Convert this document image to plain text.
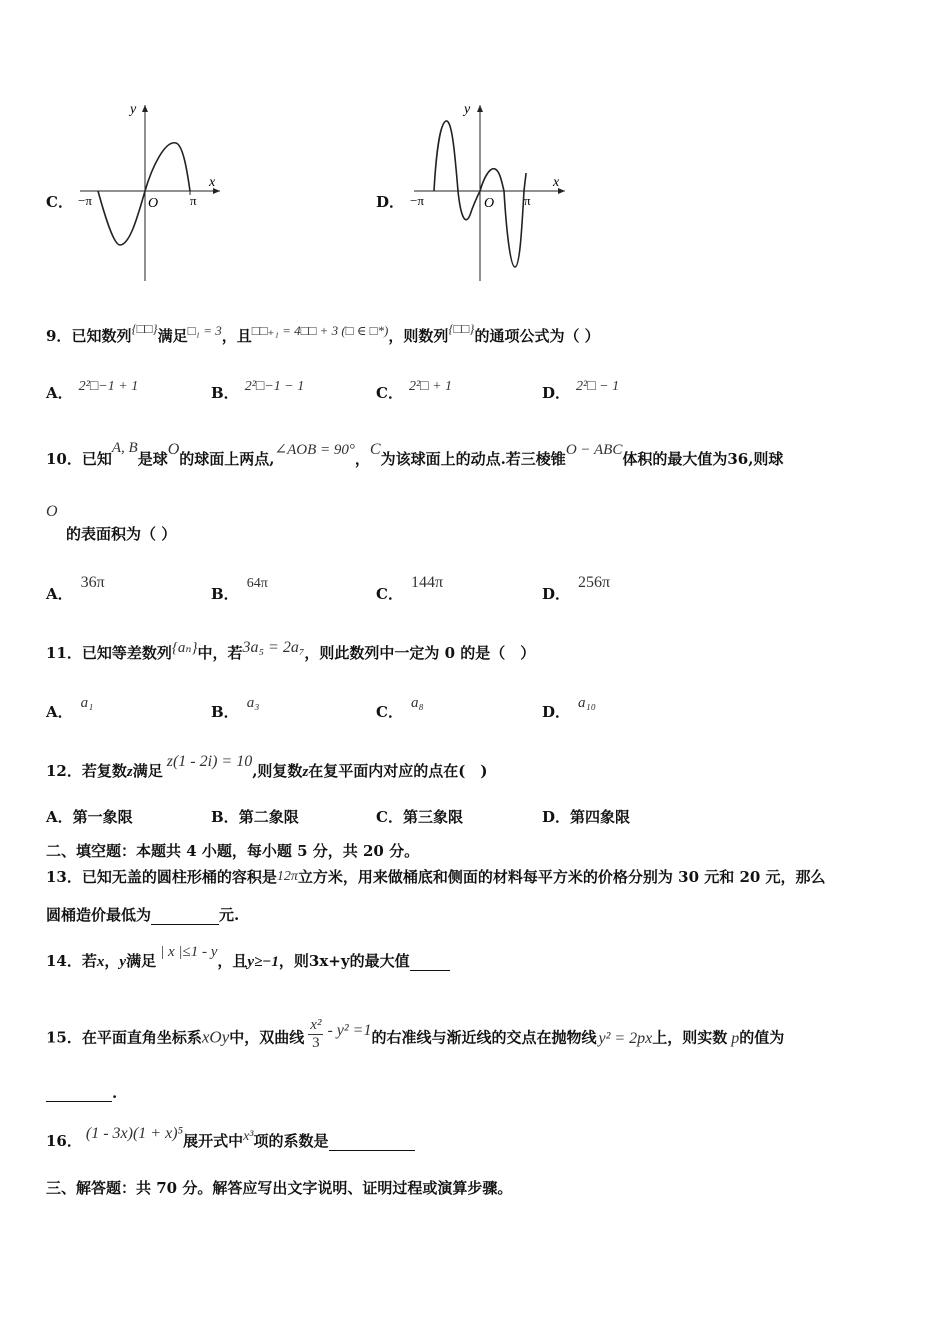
C．
y
x
O
−π	π	D．
y
x
O
−π	π
9．已知数列{□□}满足□₁ = 3，且□□₊₁ = 4□□ + 3 (□ ∈ □*)，则数列{□□}的通项公式为（ ）
A． 2²□−1 + 1	B． 2²□−1 − 1	C． 2²□ + 1	D． 2²□ − 1
10．已知A, B是球O的球面上两点,∠AOB = 90°，C为该球面上的动点.若三棱锥O − ABC体积的最大值为36,则球
O
的表面积为（ ）
A．36π
B．64π
C．144π
D．256π
11．已知等差数列{aₙ}中，若3a₅ = 2a₇，则此数列中一定为 0 的是（　）
A． a₁	B． a₃	C． a₈	D． a₁₀
12．若复数z满足z(1 - 2i) = 10,则复数z在复平面内对应的点在(　)
A．第一象限	B．第二象限	C．第三象限	D．第四象限
二、填空题：本题共 4 小题，每小题 5 分，共 20 分。
13．已知无盖的圆柱形桶的容积是12π立方米，用来做桶底和侧面的材料每平方米的价格分别为 30 元和 20 元，那么
圆桶造价最低为	元.
14．若x，y满足 | x |≤1 - y，且y≥−1，则3x+y的最大值
15．在平面直角坐标系xOy中，双曲线 $\frac{\text{x²}}{3} - y^2 =1$的右准线与渐近线的交点在抛物线 y² = 2px上，则实数 p的值为
.
16． (1 - 3x)(1 + x)⁵展开式中x³项的系数是
三、解答题：共 70 分。解答应写出文字说明、证明过程或演算步骤。
